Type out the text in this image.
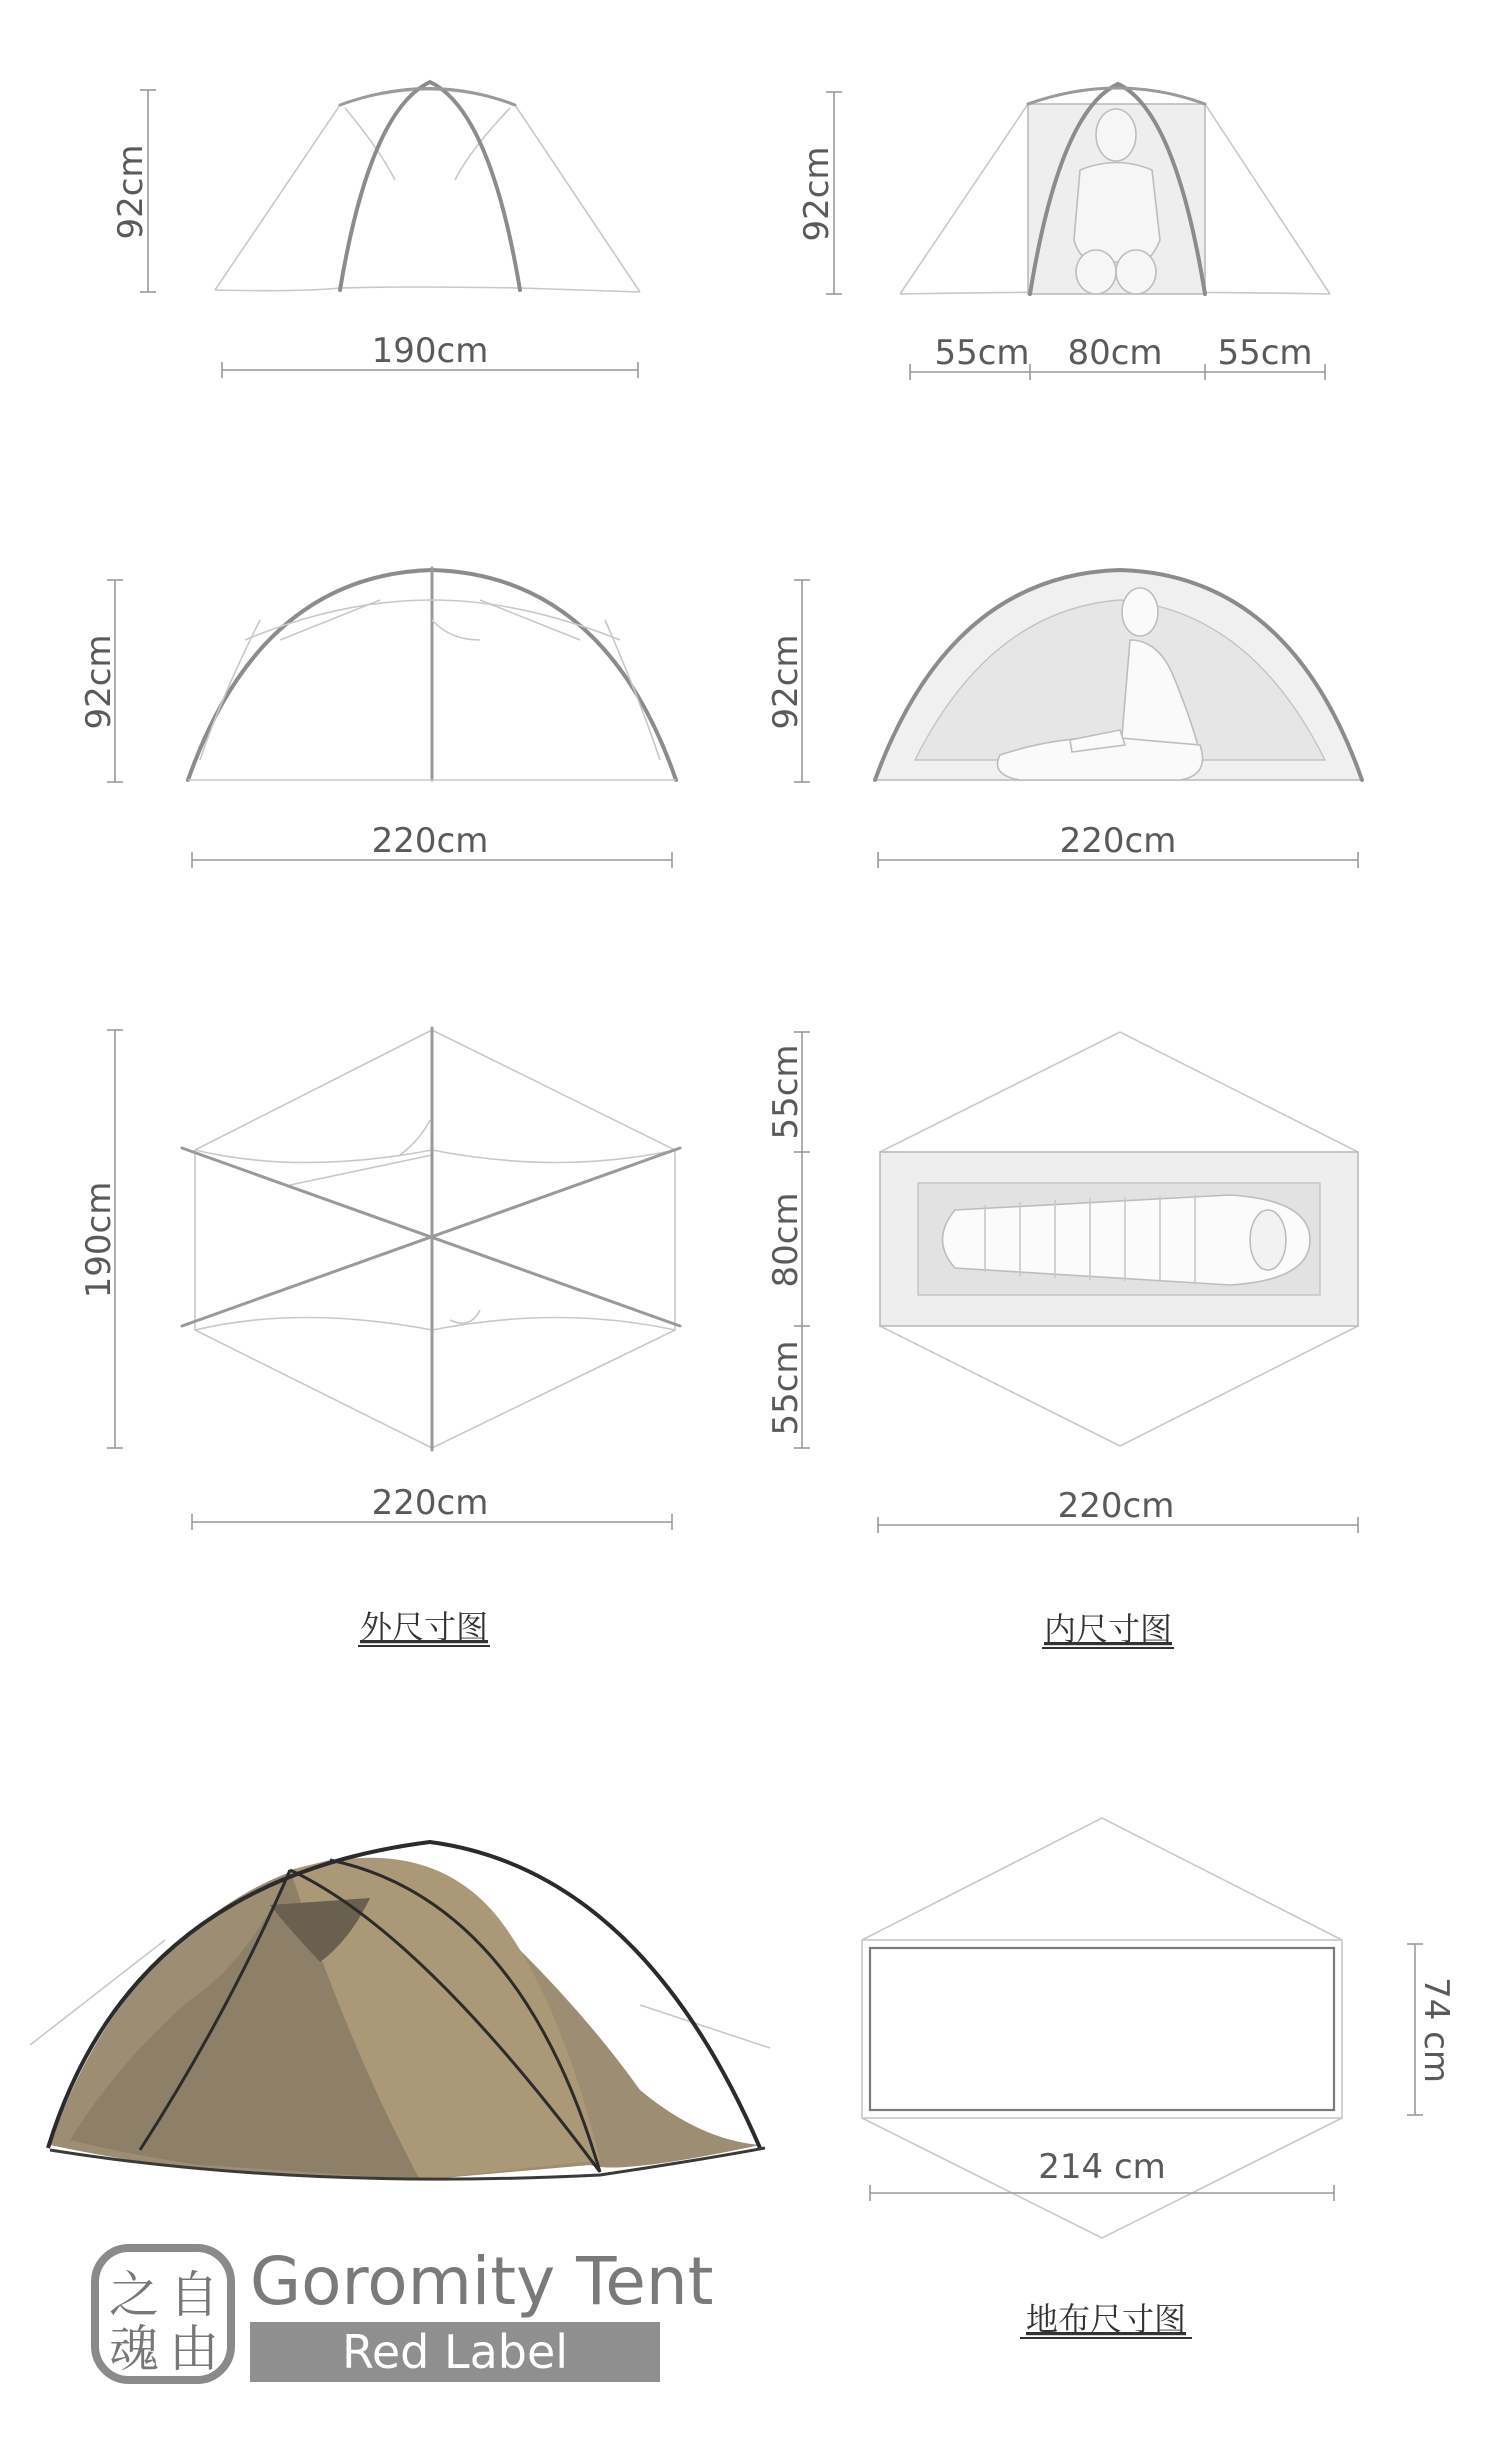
92cm
190cm
92cm
55cm 80cm 55cm
92cm
220cm
92cm
220cm
190cm
220cm
55cm
80cm
55cm
220cm
外尺寸图	内尺寸图
74 cm
214 cm
地布尺寸图
自
由
之
魂
Goromity Tent
Red Label
